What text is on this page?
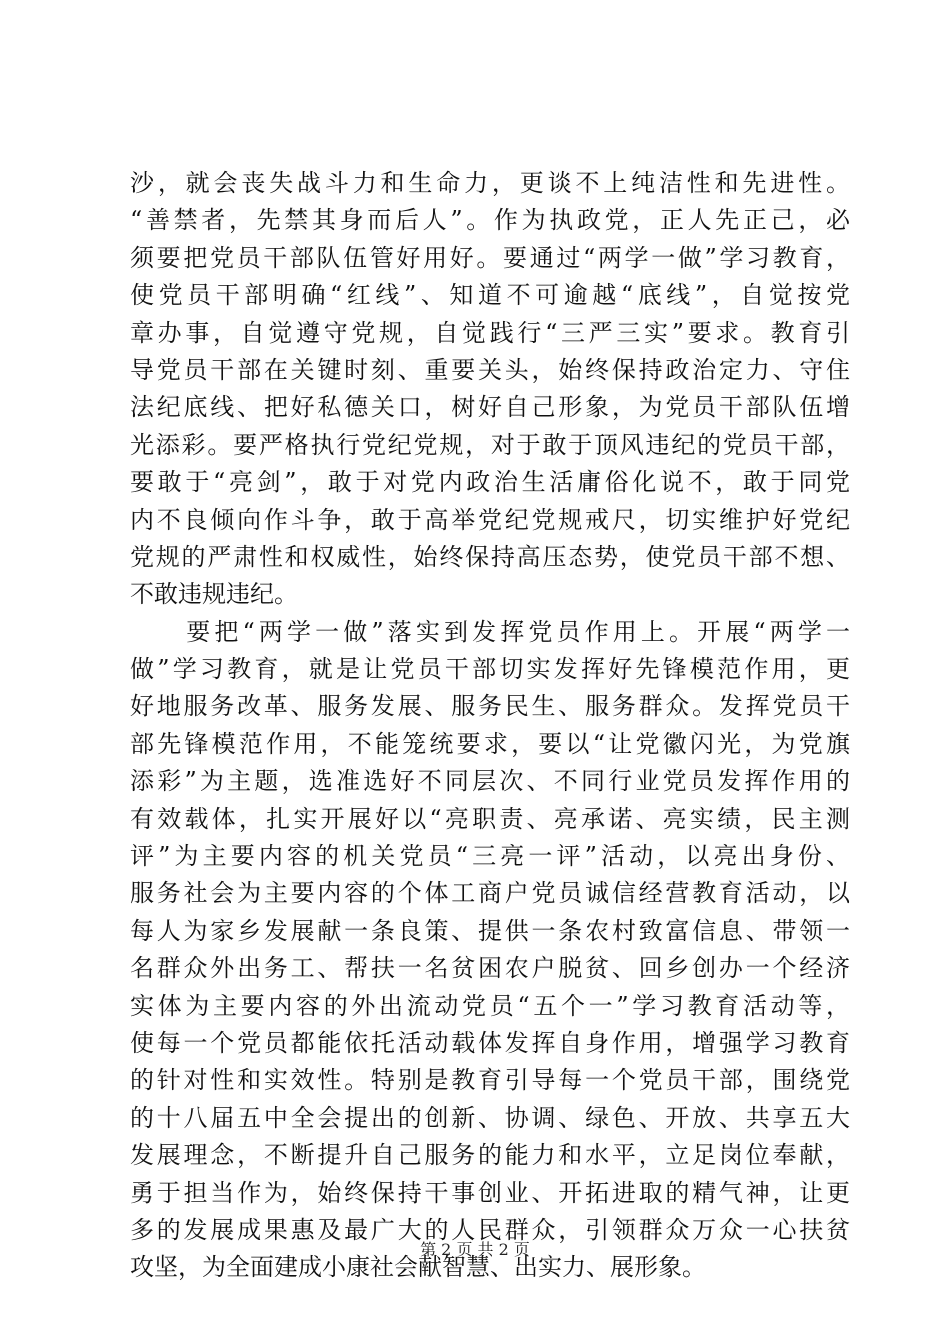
沙，就会丧失战斗力和生命力，更谈不上纯洁性和先进性。
“善禁者，先禁其身而后人”。作为执政党，正人先正己，必
须要把党员干部队伍管好用好。要通过“两学一做”学习教育，
使党员干部明确“红线”、知道不可逾越“底线”，自觉按党
章办事，自觉遵守党规，自觉践行“三严三实”要求。教育引
导党员干部在关键时刻、重要关头，始终保持政治定力、守住
法纪底线、把好私德关口，树好自己形象，为党员干部队伍增
光添彩。要严格执行党纪党规，对于敢于顶风违纪的党员干部，
要敢于“亮剑”，敢于对党内政治生活庸俗化说不，敢于同党
内不良倾向作斗争，敢于高举党纪党规戒尺，切实维护好党纪
党规的严肃性和权威性，始终保持高压态势，使党员干部不想、
不敢违规违纪。
　　要把“两学一做”落实到发挥党员作用上。开展“两学一
做”学习教育，就是让党员干部切实发挥好先锋模范作用，更
好地服务改革、服务发展、服务民生、服务群众。发挥党员干
部先锋模范作用，不能笼统要求，要以“让党徽闪光，为党旗
添彩”为主题，选准选好不同层次、不同行业党员发挥作用的
有效载体，扎实开展好以“亮职责、亮承诺、亮实绩，民主测
评”为主要内容的机关党员“三亮一评”活动，以亮出身份、
服务社会为主要内容的个体工商户党员诚信经营教育活动，以
每人为家乡发展献一条良策、提供一条农村致富信息、带领一
名群众外出务工、帮扶一名贫困农户脱贫、回乡创办一个经济
实体为主要内容的外出流动党员“五个一”学习教育活动等，
使每一个党员都能依托活动载体发挥自身作用，增强学习教育
的针对性和实效性。特别是教育引导每一个党员干部，围绕党
的十八届五中全会提出的创新、协调、绿色、开放、共享五大
发展理念，不断提升自己服务的能力和水平，立足岗位奉献，
勇于担当作为，始终保持干事创业、开拓进取的精气神，让更
多的发展成果惠及最广大的人民群众，引领群众万众一心扶贫
攻坚，为全面建成小康社会献智慧、出实力、展形象。
第 2 页 共 2 页
